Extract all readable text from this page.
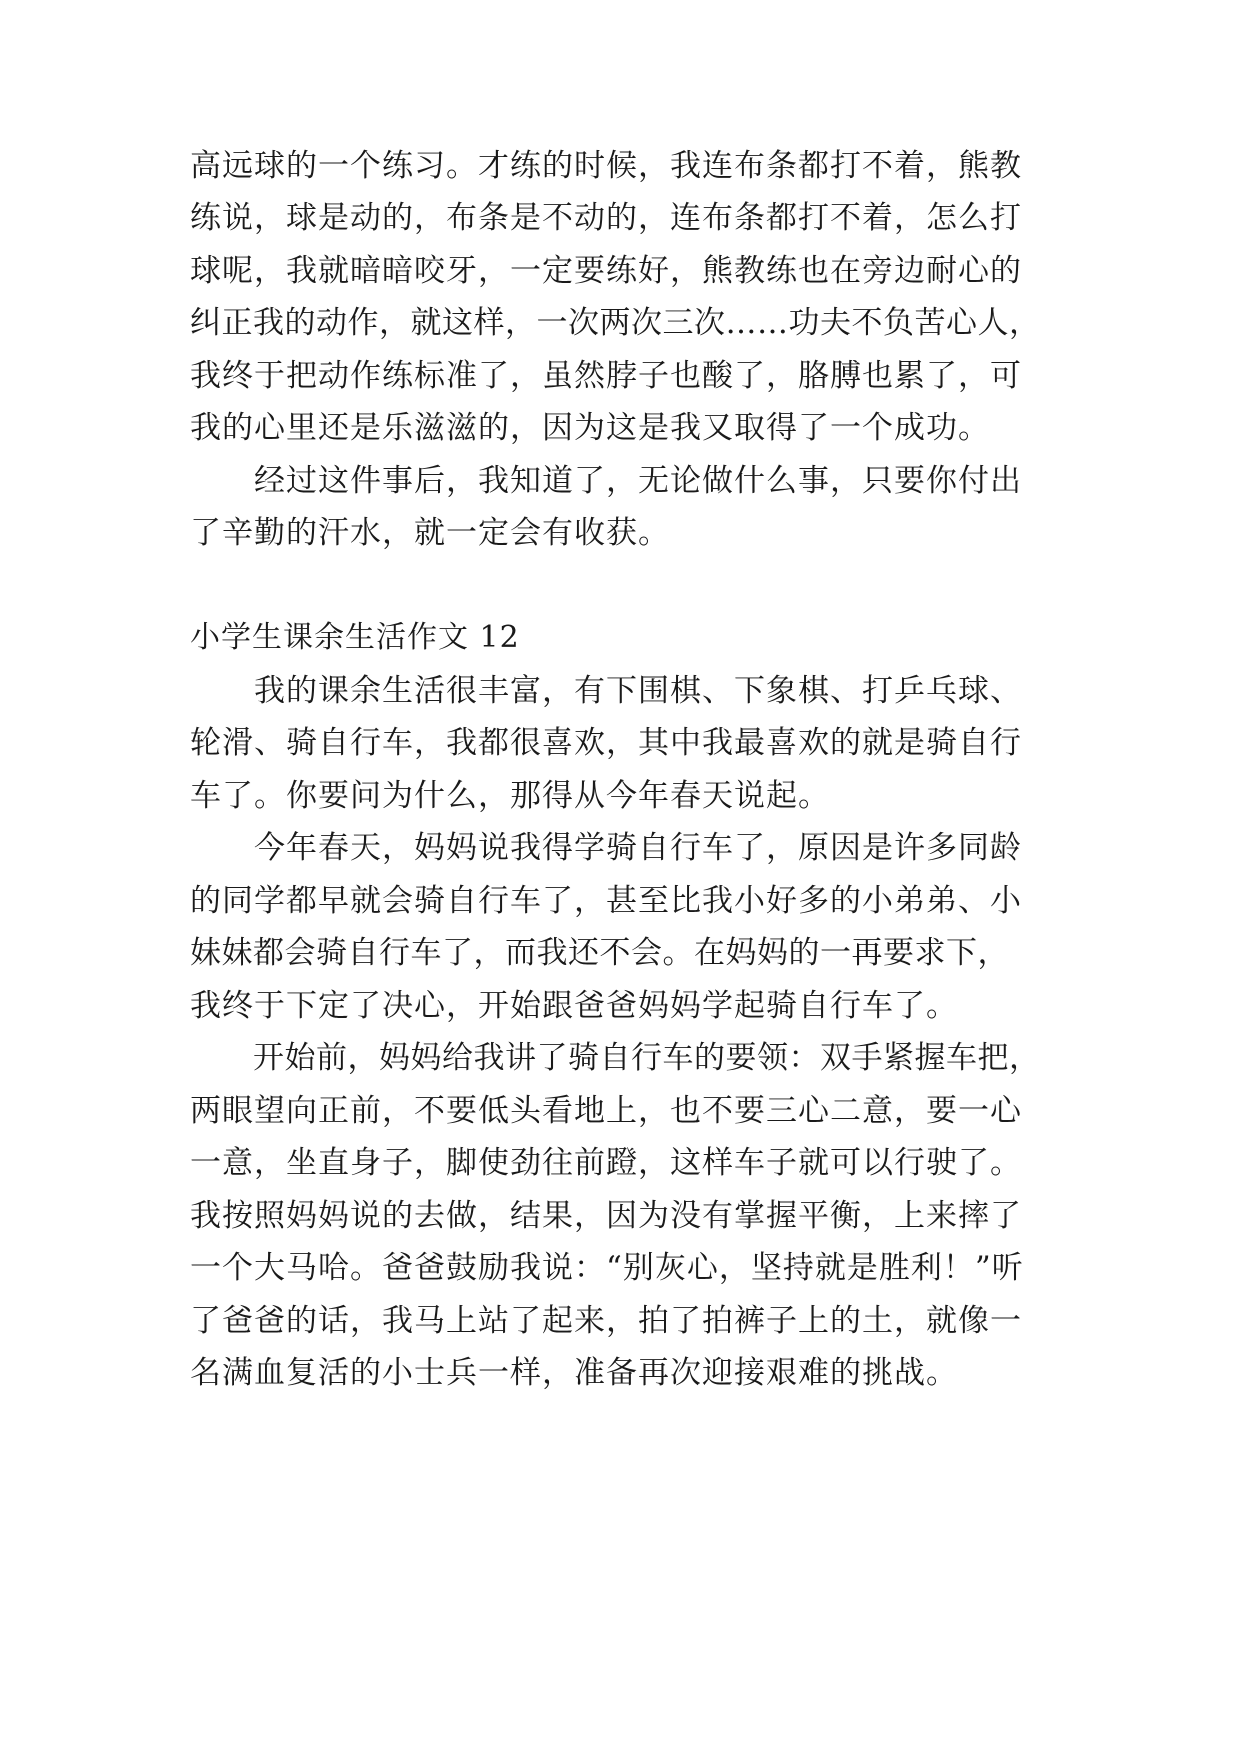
高远球的一个练习。才练的时候，我连布条都打不着，熊教
练说，球是动的，布条是不动的，连布条都打不着，怎么打
球呢，我就暗暗咬牙，一定要练好，熊教练也在旁边耐心的
纠正我的动作，就这样，一次两次三次……功夫不负苦心人，
我终于把动作练标准了，虽然脖子也酸了，胳膊也累了，可
我的心里还是乐滋滋的，因为这是我又取得了一个成功。
　　经过这件事后，我知道了，无论做什么事，只要你付出
了辛勤的汗水，就一定会有收获。
小学生课余生活作文 12
　　我的课余生活很丰富，有下围棋、下象棋、打乒乓球、
轮滑、骑自行车，我都很喜欢，其中我最喜欢的就是骑自行
车了。你要问为什么，那得从今年春天说起。
　　今年春天，妈妈说我得学骑自行车了，原因是许多同龄
的同学都早就会骑自行车了，甚至比我小好多的小弟弟、小
妹妹都会骑自行车了，而我还不会。在妈妈的一再要求下，
我终于下定了决心，开始跟爸爸妈妈学起骑自行车了。
　　开始前，妈妈给我讲了骑自行车的要领：双手紧握车把，
两眼望向正前，不要低头看地上，也不要三心二意，要一心
一意，坐直身子，脚使劲往前蹬，这样车子就可以行驶了。
我按照妈妈说的去做，结果，因为没有掌握平衡，上来摔了
一个大马哈。爸爸鼓励我说：“别灰心，坚持就是胜利！”听
了爸爸的话，我马上站了起来，拍了拍裤子上的土，就像一
名满血复活的小士兵一样，准备再次迎接艰难的挑战。
